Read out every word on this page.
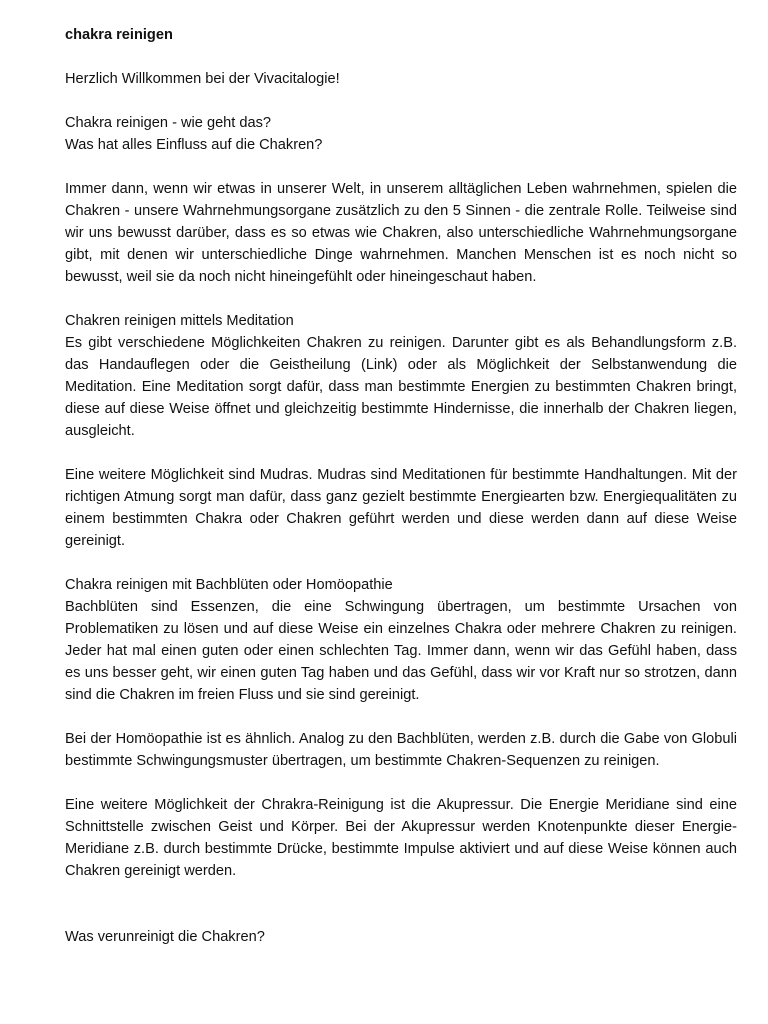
chakra reinigen

Herzlich Willkommen bei der Vivacitalogie!

Chakra reinigen - wie geht das?

Was hat alles Einfluss auf die Chakren?

Immer dann, wenn wir etwas in unserer Welt, in unserem alltäglichen Leben wahrnehmen, spielen die Chakren - unsere Wahrnehmungsorgane zusätzlich zu den 5 Sinnen - die zentrale Rolle. Teilweise sind wir uns bewusst darüber, dass es so etwas wie Chakren, also unterschiedliche Wahrnehmungsorgane gibt, mit denen wir unterschiedliche Dinge wahrnehmen. Manchen Menschen ist es noch nicht so bewusst, weil sie da noch nicht hineingefühlt oder hineingeschaut haben.

Chakren reinigen mittels Meditation

Es gibt verschiedene Möglichkeiten Chakren zu reinigen. Darunter gibt es als Behandlungsform z.B. das Handauflegen oder die Geistheilung (Link) oder als Möglichkeit der Selbstanwendung die Meditation. Eine Meditation sorgt dafür, dass man bestimmte Energien zu bestimmten Chakren bringt, diese auf diese Weise öffnet und gleichzeitig bestimmte Hindernisse, die innerhalb der Chakren liegen, ausgleicht.

Eine weitere Möglichkeit sind Mudras. Mudras sind Meditationen für bestimmte Handhaltungen. Mit der richtigen Atmung sorgt man dafür, dass ganz gezielt bestimmte Energiearten bzw. Energiequalitäten zu einem bestimmten Chakra oder Chakren geführt werden und diese werden dann auf diese Weise gereinigt.

Chakra reinigen mit Bachblüten oder Homöopathie

Bachblüten sind Essenzen, die eine Schwingung übertragen, um bestimmte Ursachen von Problematiken zu lösen und auf diese Weise ein einzelnes Chakra oder mehrere Chakren zu reinigen. Jeder hat mal einen guten oder einen schlechten Tag. Immer dann, wenn wir das Gefühl haben, dass es uns besser geht, wir einen guten Tag haben und das Gefühl, dass wir vor Kraft nur so strotzen, dann sind die Chakren im freien Fluss und sie sind gereinigt.

Bei der Homöopathie ist es ähnlich. Analog zu den Bachblüten, werden z.B. durch die Gabe von Globuli bestimmte Schwingungsmuster übertragen, um bestimmte Chakren-Sequenzen zu reinigen.

Eine weitere Möglichkeit der Chrakra-Reinigung ist die Akupressur. Die Energie Meridiane sind eine Schnittstelle zwischen Geist und Körper. Bei der Akupressur werden Knotenpunkte dieser Energie-Meridiane z.B. durch bestimmte Drücke, bestimmte Impulse aktiviert und auf diese Weise können auch Chakren gereinigt werden.

Was verunreinigt die Chakren?
